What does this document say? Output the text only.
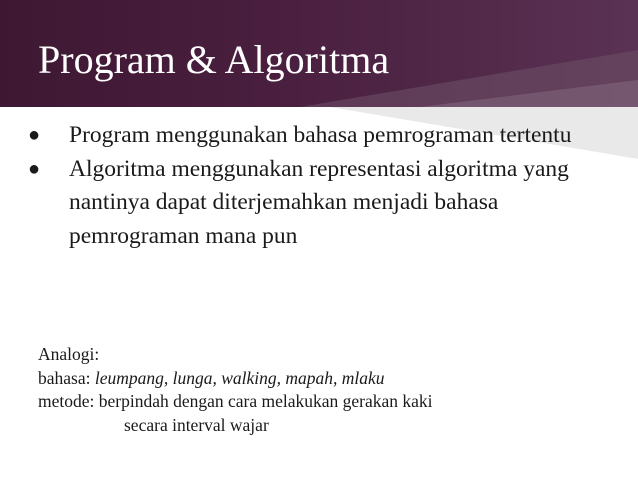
Program & Algoritma
● Program menggunakan bahasa pemrograman tertentu
● Algoritma menggunakan representasi algoritma yang nantinya dapat diterjemahkan menjadi bahasa pemrograman mana pun
Analogi:
bahasa: leumpang, lunga, walking, mapah, mlaku
metode: berpindah dengan cara melakukan gerakan kaki
secara interval wajar
